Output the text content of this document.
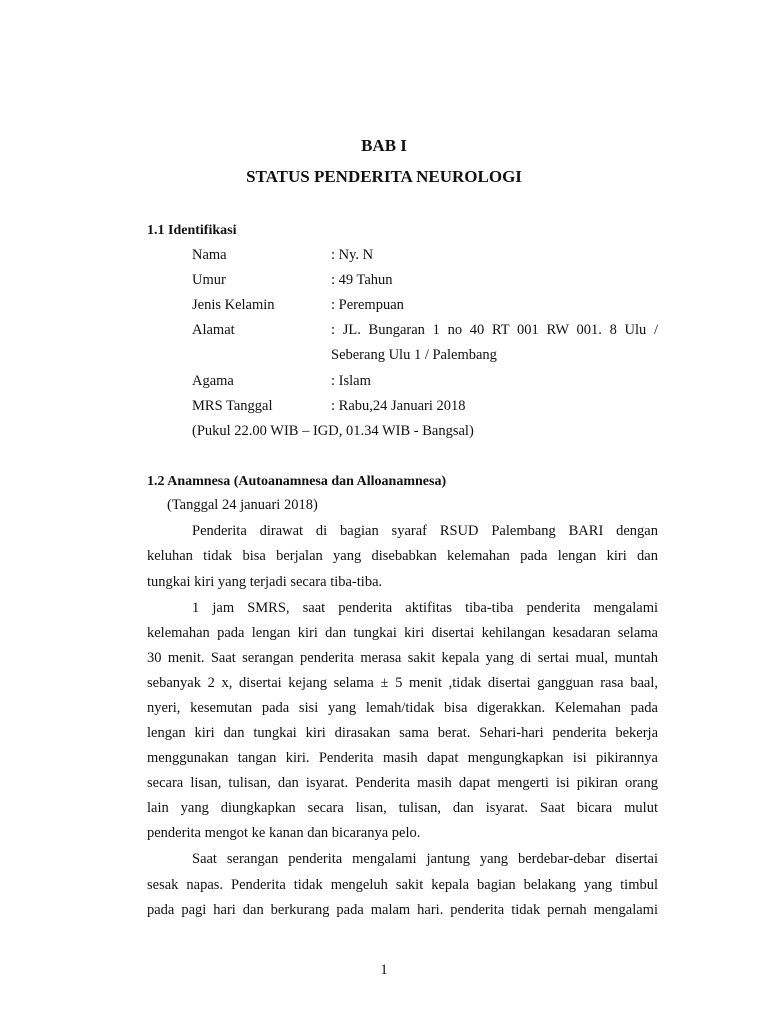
BAB I
STATUS PENDERITA NEUROLOGI
1.1 Identifikasi
Nama	: Ny. N
Umur	: 49 Tahun
Jenis Kelamin	: Perempuan
Alamat	: JL. Bungaran 1 no 40 RT 001 RW 001. 8 Ulu /
Seberang Ulu 1 / Palembang
Agama	: Islam
MRS Tanggal	: Rabu,24 Januari 2018
(Pukul 22.00 WIB – IGD, 01.34 WIB - Bangsal)
1.2 Anamnesa (Autoanamnesa dan Alloanamnesa)
(Tanggal 24 januari 2018)
Penderita dirawat di bagian syaraf RSUD Palembang BARI dengan
keluhan tidak bisa berjalan yang disebabkan kelemahan pada lengan kiri dan
tungkai kiri yang terjadi secara tiba-tiba.
1 jam SMRS, saat penderita aktifitas tiba-tiba penderita mengalami
kelemahan pada lengan kiri dan tungkai kiri disertai kehilangan kesadaran selama
30 menit. Saat serangan penderita merasa sakit kepala yang di sertai mual, muntah
sebanyak 2 x, disertai kejang selama ± 5 menit ,tidak disertai gangguan rasa baal,
nyeri, kesemutan pada sisi yang lemah/tidak bisa digerakkan. Kelemahan pada
lengan kiri dan tungkai kiri dirasakan sama berat. Sehari-hari penderita bekerja
menggunakan tangan kiri. Penderita masih dapat mengungkapkan isi pikirannya
secara lisan, tulisan, dan isyarat. Penderita masih dapat mengerti isi pikiran orang
lain yang diungkapkan secara lisan, tulisan, dan isyarat. Saat bicara mulut
penderita mengot ke kanan dan bicaranya pelo.
Saat serangan penderita mengalami jantung yang berdebar-debar disertai
sesak napas. Penderita tidak mengeluh sakit kepala bagian belakang yang timbul
pada pagi hari dan berkurang pada malam hari. penderita tidak pernah mengalami
1
